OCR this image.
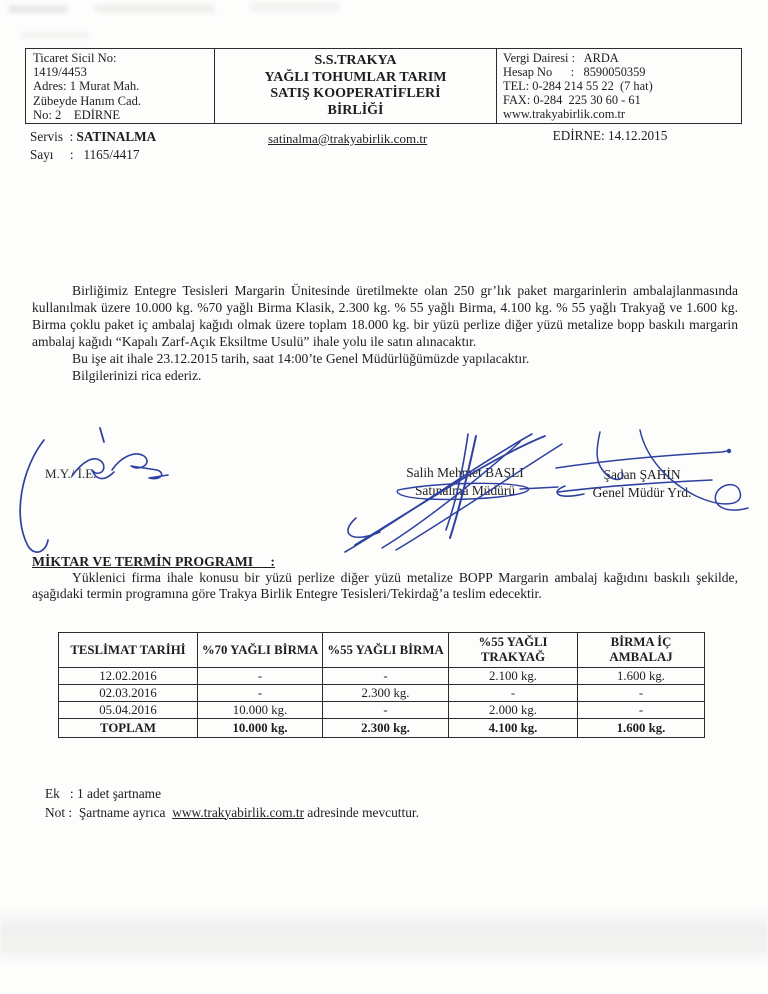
Ticaret Sicil No:
1419/4453
Adres: 1 Murat Mah.
Zübeyde Hanım Cad.
No: 2    EDİRNE
S.S.TRAKYA
YAĞLI TOHUMLAR TARIM
SATIŞ KOOPERATİFLERİ
BİRLİĞİ
Vergi Dairesi :   ARDA
Hesap No      :   8590050359
TEL: 0-284 214 55 22  (7 hat)
FAX: 0-284  225 30 60 - 61
www.trakyabirlik.com.tr
Servis  : SATINALMA
Sayı     :   1165/4417
satinalma@trakyabirlik.com.tr	EDİRNE: 14.12.2015

Birliğimiz Entegre Tesisleri Margarin Ünitesinde üretilmekte olan 250 gr’lık paket margarinlerin ambalajlanmasında kullanılmak üzere 10.000 kg. %70 yağlı Birma Klasik, 2.300 kg. % 55 yağlı Birma, 4.100 kg. % 55 yağlı Trakyağ ve 1.600 kg. Birma çoklu paket iç ambalaj kağıdı olmak üzere toplam 18.000 kg. bir yüzü perlize diğer yüzü metalize bopp baskılı margarin ambalaj kağıdı “Kapalı Zarf-Açık Eksiltme Usulü” ihale yolu ile satın alınacaktır.

Bu işe ait ihale 23.12.2015 tarih, saat 14:00’te Genel Müdürlüğümüzde yapılacaktır.

Bilgilerinizi rica ederiz.

M.Y./ İ.E.	Salih Mehmet BAŞLI
Satınalma Müdürü
Şadan ŞAHİN
Genel Müdür Yrd.
MİKTAR VE TERMİN PROGRAMI     :

Yüklenici firma ihale konusu bir yüzü perlize diğer yüzü metalize BOPP Margarin ambalaj kağıdını baskılı şekilde, aşağıdaki termin programına göre Trakya Birlik Entegre Tesisleri/Tekirdağ’a teslim edecektir.

TESLİMAT TARİHİ	%70 YAĞLI BİRMA	%55 YAĞLI BİRMA	%55 YAĞLI TRAKYAĞ	BİRMA İÇ AMBALAJ
12.02.2016	-	-	2.100 kg.	1.600 kg.
02.03.2016	-	2.300 kg.	-	-
05.04.2016	10.000 kg.	-	2.000 kg.	-
TOPLAM	10.000 kg.	2.300 kg.	4.100 kg.	1.600 kg.
Ek   : 1 adet şartname
Not :  Şartname ayrıca  www.trakyabirlik.com.tr adresinde mevcuttur.
